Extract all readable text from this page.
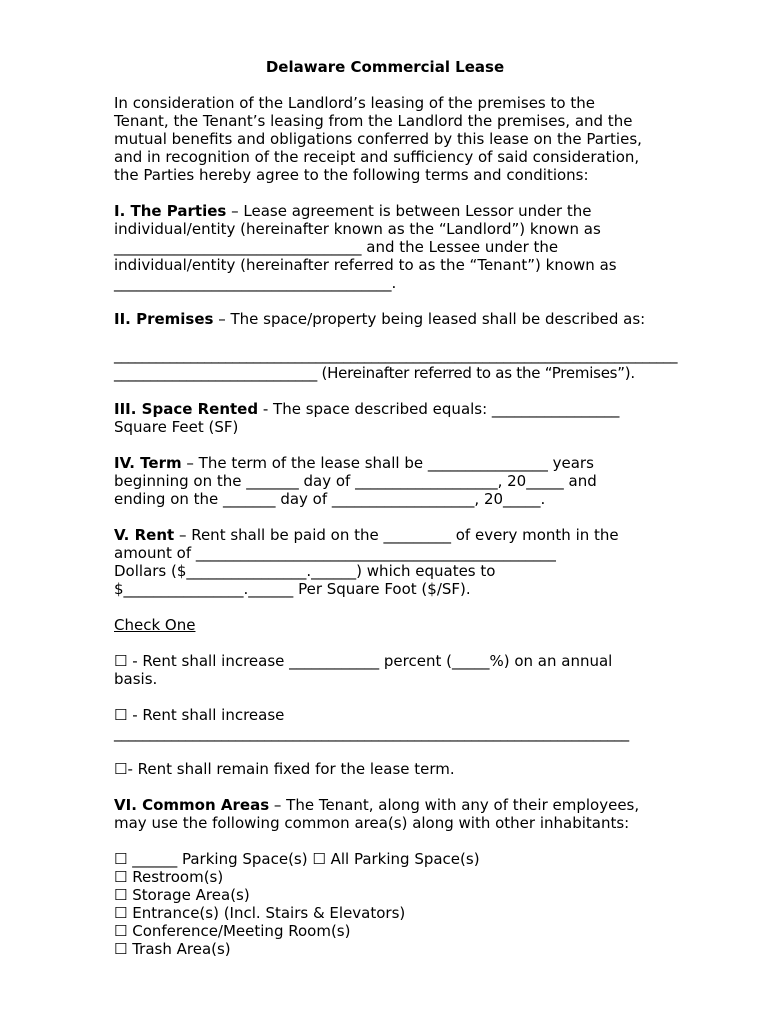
Delaware Commercial Lease
In consideration of the Landlord’s leasing of the premises to the
Tenant, the Tenant’s leasing from the Landlord the premises, and the
mutual benefits and obligations conferred by this lease on the Parties,
and in recognition of the receipt and sufficiency of said consideration,
the Parties hereby agree to the following terms and conditions:
I. The Parties – Lease agreement is between Lessor under the
individual/entity (hereinafter known as the “Landlord”) known as
_________________________________ and the Lessee under the
individual/entity (hereinafter referred to as the “Tenant”) known as
_____________________________________.
II. Premises – The space/property being leased shall be described as:
_________________________________________________________________________________
____________________________ (Hereinafter referred to as the “Premises”).
III. Space Rented - The space described equals: _________________
Square Feet (SF)
IV. Term – The term of the lease shall be ________________ years
beginning on the _______ day of ___________________, 20_____ and
ending on the _______ day of ___________________, 20_____.
V. Rent – Rent shall be paid on the _________ of every month in the
amount of ________________________________________________
Dollars ($________________.______) which equates to
$________________.______ Per Square Foot ($/SF).
Check One
☐ - Rent shall increase ____________ percent (_____%) on an annual
basis.
☐ - Rent shall increase
________________________________________________________________________
☐- Rent shall remain fixed for the lease term.
VI. Common Areas – The Tenant, along with any of their employees,
may use the following common area(s) along with other inhabitants:
☐ ______ Parking Space(s) ☐ All Parking Space(s)
☐ Restroom(s)
☐ Storage Area(s)
☐ Entrance(s) (Incl. Stairs & Elevators)
☐ Conference/Meeting Room(s)
☐ Trash Area(s)
